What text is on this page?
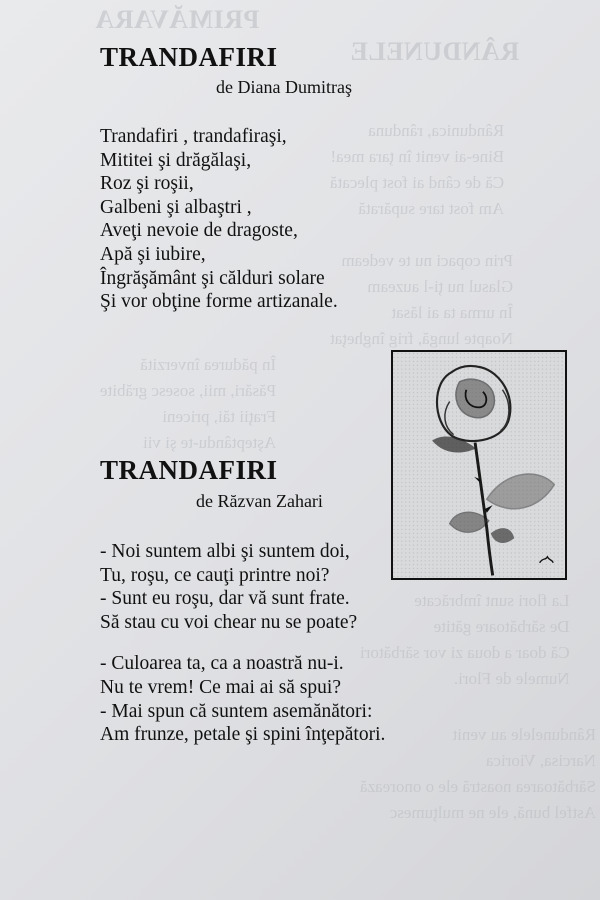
PRIMĂVARA
RÂNDUNELE
Rândunica, rânduna
Bine-ai venit în ţara mea!
Că de când ai fost plecată
Am fost tare supărată
Prin copaci nu te vedeam
Glasul nu ţi-l auzeam
În urma ta ai lăsat
Noapte lungă, frig îngheţat
În pădurea înverzită
Păsări, mii, sosesc grăbite
Fraţii tăi, priceni
Aşteptându-te şi vii
La flori sunt îmbrăcate
De sărbătoare gătite
Că doar a doua zi vor sărbători
Numele de Flori.
Rândunelele au venit
Narcisa, Viorica
Sărbătoarea noastră ele o onorează
Astfel bună, ele ne mulţumesc
TRANDAFIRI
de Diana Dumitraş
Trandafiri , trandafiraşi,
Mititei şi drăgălaşi,
Roz şi roşii,
Galbeni şi albaştri ,
Aveţi nevoie de dragoste,
Apă şi iubire,
Îngrăşământ şi călduri solare
Şi vor obţine forme artizanale.
TRANDAFIRI
de Răzvan Zahari
- Noi suntem albi şi suntem doi,
Tu, roşu, ce cauţi printre noi?
- Sunt eu roşu, dar vă sunt frate.
Să stau cu voi chear nu se poate?
- Culoarea ta, ca a noastră nu-i.
Nu te vrem! Ce mai ai să spui?
- Mai spun că suntem asemănători:
Am frunze, petale şi spini înţepători.
